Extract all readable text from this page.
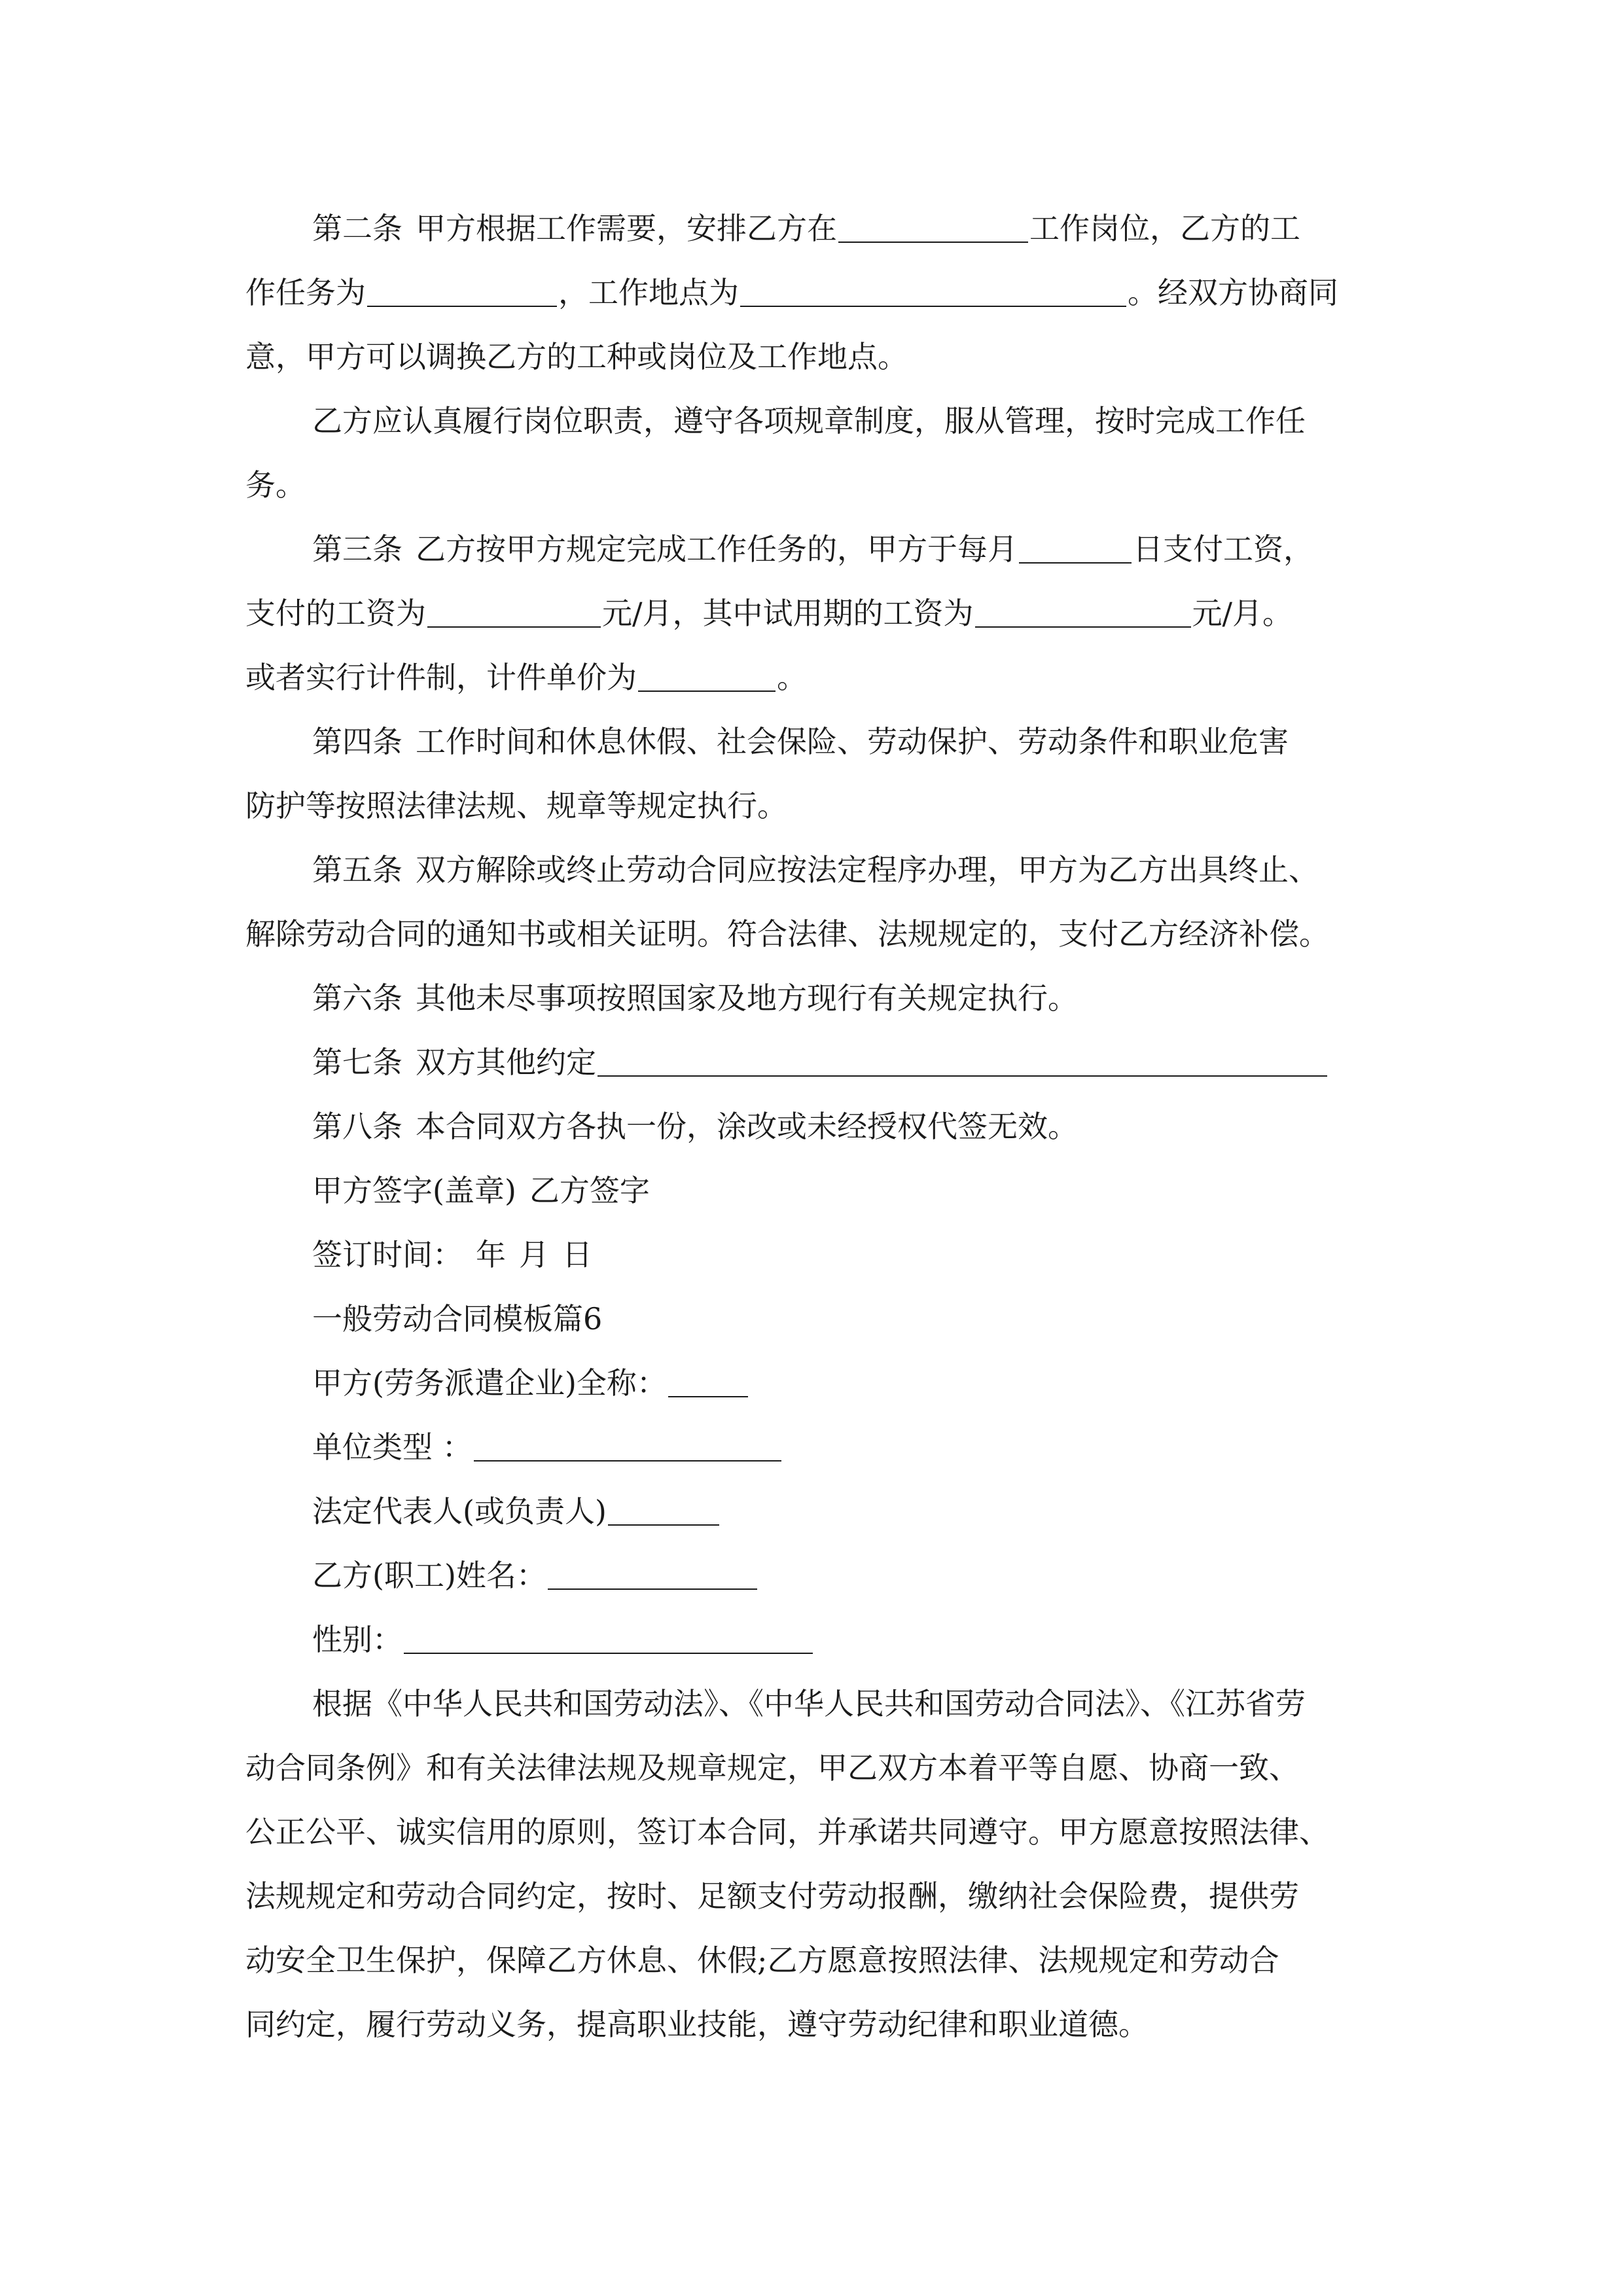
第二条 甲方根据工作需要，安排乙方在	工作岗位，乙方的工
作任务为	，工作地点为	。经双方协商同
意，甲方可以调换乙方的工种或岗位及工作地点。
乙方应认真履行岗位职责，遵守各项规章制度，服从管理，按时完成工作任
务。
第三条 乙方按甲方规定完成工作任务的，甲方于每月	日支付工资，
支付的工资为	元/月，其中试用期的工资为	元/月。
或者实行计件制，计件单价为	。
第四条 工作时间和休息休假、社会保险、劳动保护、劳动条件和职业危害
防护等按照法律法规、规章等规定执行。
第五条 双方解除或终止劳动合同应按法定程序办理，甲方为乙方出具终止、
解除劳动合同的通知书或相关证明。符合法律、法规规定的，支付乙方经济补偿。
第六条 其他未尽事项按照国家及地方现行有关规定执行。
第七条 双方其他约定
第八条 本合同双方各执一份，涂改或未经授权代签无效。
甲方签字(盖章) 乙方签字
签订时间： 年 月 日
一般劳动合同模板篇6
甲方(劳务派遣企业)全称：
单位类型 ：
法定代表人(或负责人)
乙方(职工)姓名：
性别：
根据《中华人民共和国劳动法》、《中华人民共和国劳动合同法》、《江苏省劳
动合同条例》和有关法律法规及规章规定，甲乙双方本着平等自愿、协商一致、
公正公平、诚实信用的原则，签订本合同，并承诺共同遵守。甲方愿意按照法律、
法规规定和劳动合同约定，按时、足额支付劳动报酬，缴纳社会保险费，提供劳
动安全卫生保护，保障乙方休息、休假;乙方愿意按照法律、法规规定和劳动合
同约定，履行劳动义务，提高职业技能，遵守劳动纪律和职业道德。
